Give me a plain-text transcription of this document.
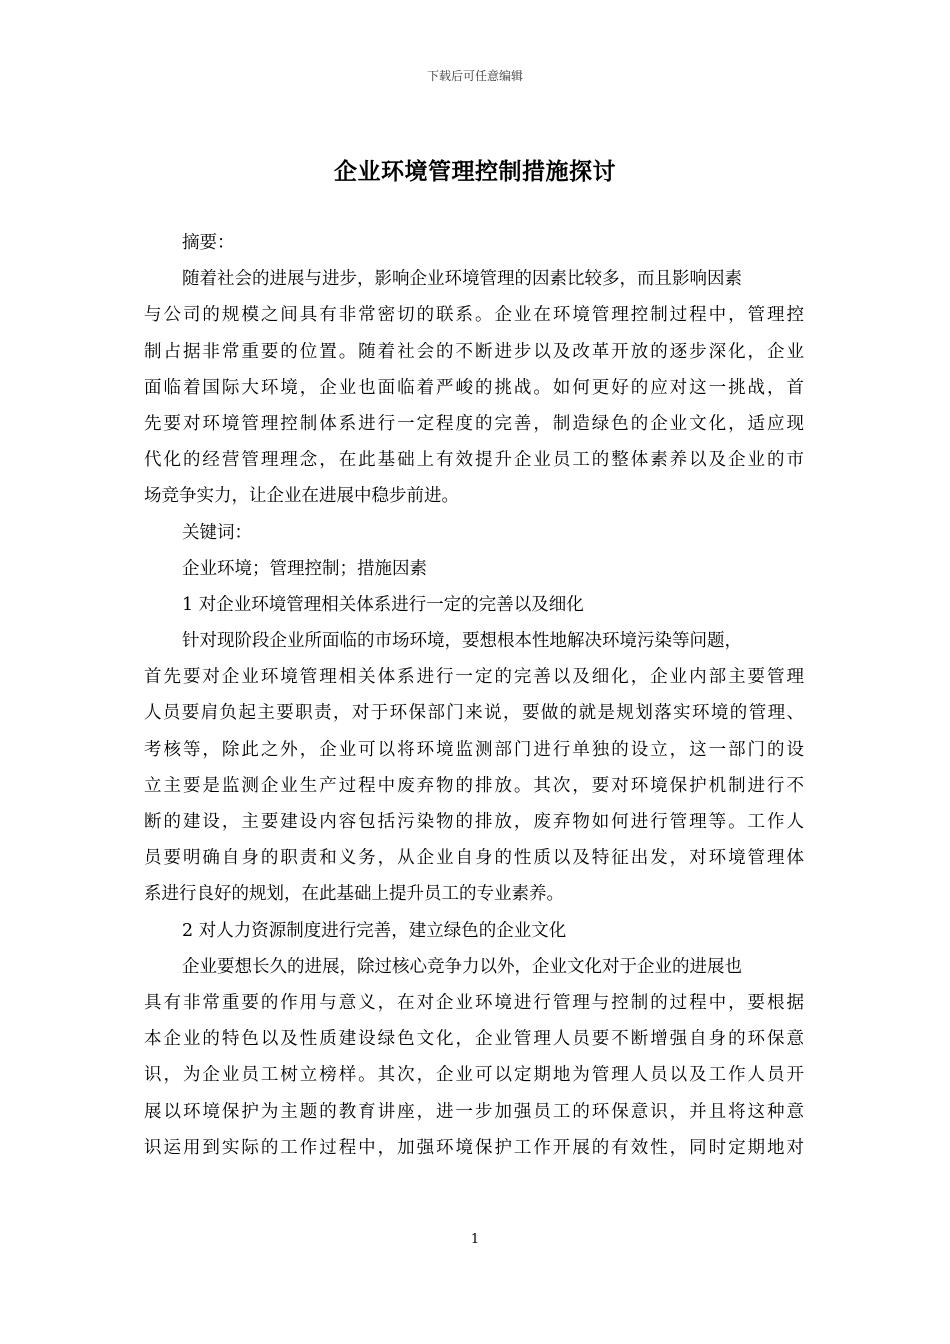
下载后可任意编辑
企业环境管理控制措施探讨
摘要：
随着社会的进展与进步，影响企业环境管理的因素比较多，而且影响因素
与公司的规模之间具有非常密切的联系。企业在环境管理控制过程中，管理控
制占据非常重要的位置。随着社会的不断进步以及改革开放的逐步深化，企业
面临着国际大环境，企业也面临着严峻的挑战。如何更好的应对这一挑战，首
先要对环境管理控制体系进行一定程度的完善，制造绿色的企业文化，适应现
代化的经营管理理念，在此基础上有效提升企业员工的整体素养以及企业的市
场竞争实力，让企业在进展中稳步前进。
关键词：
企业环境；管理控制；措施因素
1 对企业环境管理相关体系进行一定的完善以及细化
针对现阶段企业所面临的市场环境，要想根本性地解决环境污染等问题，
首先要对企业环境管理相关体系进行一定的完善以及细化，企业内部主要管理
人员要肩负起主要职责，对于环保部门来说，要做的就是规划落实环境的管理、
考核等，除此之外，企业可以将环境监测部门进行单独的设立，这一部门的设
立主要是监测企业生产过程中废弃物的排放。其次，要对环境保护机制进行不
断的建设，主要建设内容包括污染物的排放，废弃物如何进行管理等。工作人
员要明确自身的职责和义务，从企业自身的性质以及特征出发，对环境管理体
系进行良好的规划，在此基础上提升员工的专业素养。
2 对人力资源制度进行完善，建立绿色的企业文化
企业要想长久的进展，除过核心竞争力以外，企业文化对于企业的进展也
具有非常重要的作用与意义，在对企业环境进行管理与控制的过程中，要根据
本企业的特色以及性质建设绿色文化，企业管理人员要不断增强自身的环保意
识，为企业员工树立榜样。其次，企业可以定期地为管理人员以及工作人员开
展以环境保护为主题的教育讲座，进一步加强员工的环保意识，并且将这种意
识运用到实际的工作过程中，加强环境保护工作开展的有效性，同时定期地对
1
